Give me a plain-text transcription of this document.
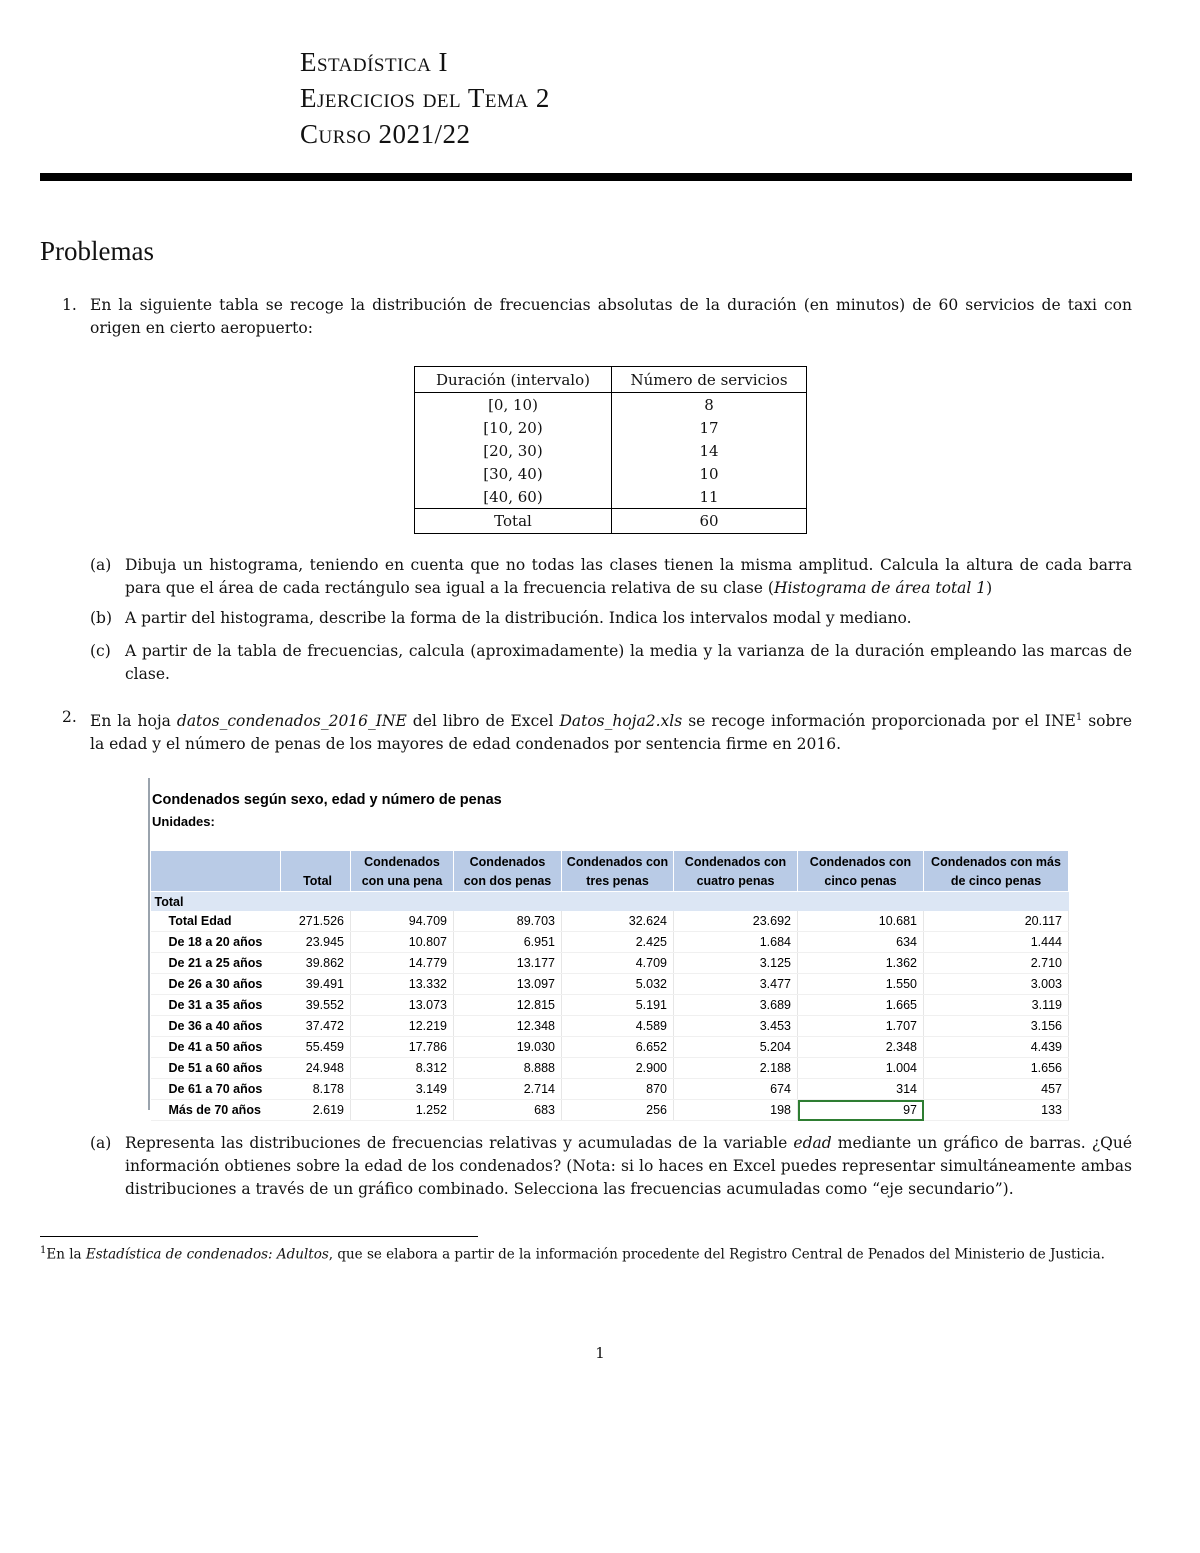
Estadística I
Ejercicios del Tema 2
Curso 2021/22
Problemas
1. En la siguiente tabla se recoge la distribución de frecuencias absolutas de la duración (en minutos) de 60 servicios de taxi con origen en cierto aeropuerto:
Duración (intervalo)	Número de servicios
[0, 10)	8
[10, 20)	17
[20, 30)	14
[30, 40)	10
[40, 60)	11
Total	60
(a) Dibuja un histograma, teniendo en cuenta que no todas las clases tienen la misma amplitud. Calcula la altura de cada barra para que el área de cada rectángulo sea igual a la frecuencia relativa de su clase (Histograma de área total 1)
(b) A partir del histograma, describe la forma de la distribución. Indica los intervalos modal y mediano.
(c) A partir de la tabla de frecuencias, calcula (aproximadamente) la media y la varianza de la duración empleando las marcas de clase.
2. En la hoja datos_condenados_2016_INE del libro de Excel Datos_hoja2.xls se recoge información proporcionada por el INE$^1$ sobre la edad y el número de penas de los mayores de edad condenados por sentencia firme en 2016.
Condenados según sexo, edad y número de penas
Unidades:
	Total	Condenados con una pena	Condenados con dos penas	Condenados con tres penas	Condenados con cuatro penas	Condenados con cinco penas	Condenados con más de cinco penas
Total							
Total Edad	271.526	94.709	89.703	32.624	23.692	10.681	20.117
De 18 a 20 años	23.945	10.807	6.951	2.425	1.684	634	1.444
De 21 a 25 años	39.862	14.779	13.177	4.709	3.125	1.362	2.710
De 26 a 30 años	39.491	13.332	13.097	5.032	3.477	1.550	3.003
De 31 a 35 años	39.552	13.073	12.815	5.191	3.689	1.665	3.119
De 36 a 40 años	37.472	12.219	12.348	4.589	3.453	1.707	3.156
De 41 a 50 años	55.459	17.786	19.030	6.652	5.204	2.348	4.439
De 51 a 60 años	24.948	8.312	8.888	2.900	2.188	1.004	1.656
De 61 a 70 años	8.178	3.149	2.714	870	674	314	457
Más de 70 años	2.619	1.252	683	256	198	97	133
(a) Representa las distribuciones de frecuencias relativas y acumuladas de la variable edad mediante un gráfico de barras. ¿Qué información obtienes sobre la edad de los condenados? (Nota: si lo haces en Excel puedes representar simultáneamente ambas distribuciones a través de un gráfico combinado. Selecciona las frecuencias acumuladas como “eje secundario”).
$^1$En la Estadística de condenados: Adultos, que se elabora a partir de la información procedente del Registro Central de Penados del Ministerio de Justicia.
1
